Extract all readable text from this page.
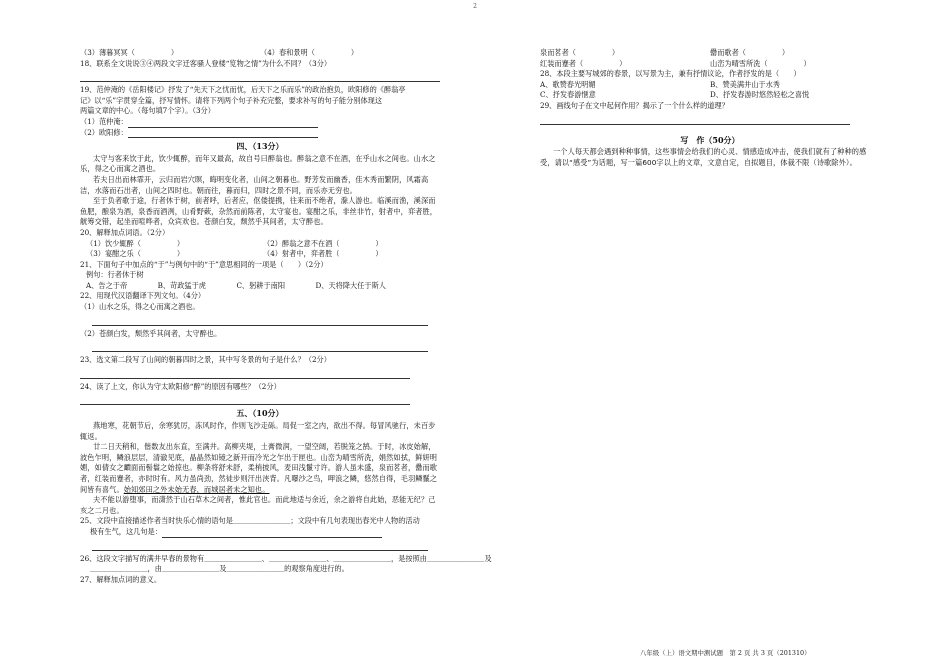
2
（3）薄暮冥冥（　　　　　）	（4）春和景明（　　　　　）
18、联系全文说说③④两段文字迁客骚人登楼“览物之情”为什么不同？（3分）
19、范仲淹的《岳阳楼记》抒发了“先天下之忧而忧，后天下之乐而乐”的政治抱负，欧阳修的《醉翁亭
记》以“乐”字贯穿全篇，抒写情怀。请将下列两个句子补充完整，要求补写的句子能分别体现这
两篇文章的中心。（每句填7个字）。（3分）
（1）范仲淹：
（2）欧阳修：
四、（13分）
太守与客来饮于此，饮少辄醉，而年又最高，故自号曰醉翁也。醉翁之意不在酒，在乎山水之间也。山水之乐，得之心而寓之酒也。
若夫日出而林霏开，云归而岩穴暝，晦明变化者，山间之朝暮也。野芳发而幽香，佳木秀而繁阴，风霜高洁，水落而石出者，山间之四时也。朝而往，暮而归，四时之景不同，而乐亦无穷也。
至于负者歌于途，行者休于树，前者呼，后者应，伛偻提携，往来而不绝者，滁人游也。临溪而渔，溪深而鱼肥，酿泉为酒，泉香而酒洌，山肴野蔌，杂然而前陈者，太守宴也。宴酣之乐，非丝非竹，射者中，弈者胜，觥筹交错，起坐而喧哗者，众宾欢也。苍颜白发，颓然乎其间者，太守醉也。
20、解释加点词语。（2分）
（1）饮少辄醉（　　　　　）	（2）醉翁之意不在酒（　　　　　）
（3）宴酣之乐（　　　　　）	（4）射者中，弈者胜（　　　　　）
21、下面句子中加点的“于”与例句中的“于”意思相同的一项是（　　）（2分）
例句：行者休于树
A、告之于帝	B、苛政猛于虎	C、躬耕于南阳	D、天将降大任于斯人
22、用现代汉语翻译下列文句。（4分）
（1）山水之乐，得之心而寓之酒也。
（2）苍颜白发，颓然乎其间者，太守醉也。
23、选文第二段写了山间的朝暮四时之景，其中写冬景的句子是什么？（2分）
24、读了上文，你认为守太欧阳修“醉”的原因有哪些？（2分）
五、（10分）
燕地寒，花朝节后，余寒犹厉，冻风时作，作则飞沙走砾。局促一室之内，欲出不得。每冒风驰行，未百步辄返。
廿二日天稍和，偕数友出东直，至满井。高柳夹堤，土膏微润，一望空阔，若脱笼之鹄。于时，冰皮始解，波色乍明，鳞浪层层，清澈见底，晶晶然如镜之新开而冷光之乍出于匣也。山峦为晴雪所洗，娟然如拭，鲜妍明媚，如倩女之靧面而髻鬟之始掠也。柳条将舒未舒，柔梢披风，麦田浅鬣寸许。游人虽未盛，泉而茗者，罍而歌者，红装而蹇者，亦时时有。风力虽尚劲，然徒步则汗出浃背。凡曝沙之鸟，呷浪之鳞，悠然自得，毛羽鳞鬣之间皆有喜气。始知郊田之外未始无春，而城居者未之知也。
夫不能以游堕事，而潇然于山石草木之间者，惟此官也。而此地适与余近，余之游将自此始，恶能无纪？己亥之二月也。
25、文段中直接描述作者当时快乐心情的语句是＿＿＿＿＿＿＿＿；文段中有几句表现出春光中人物的活动
极有生气，这几句是：
26、这段文字描写的满井早春的景物有＿＿＿＿＿＿＿＿、＿＿＿＿＿＿＿＿、＿＿＿＿＿＿＿＿，是按照由＿＿＿＿＿＿＿＿及
＿＿＿＿＿＿＿＿，由＿＿＿＿＿＿＿＿及＿＿＿＿＿＿＿＿的观察角度进行的。
27、解释加点词的意义。
泉而茗者（　　　　　）	罍而歌者（　　　　　）
红装而蹇者（　　　　　）	山峦为晴雪所洗（　　　　　）
28、本段主要写城郊的春景，以写景为主，兼有抒情议论，作者抒发的是（　　）
A、歌赞春光明媚	B、赞美满井山于水秀
C、抒发春游惬意	D、抒发春游时悠然轻松之喜悦
29、画线句子在文中起何作用？揭示了一个什么样的道理？
写　作（50分）
一个人每天都会遇到种种事情，这些事情会给我们的心灵、情感造成冲击，使我们就有了种种的感受，请以“感受”为话题，写一篇600字以上的文章，文意自定，自拟题目，体裁不限（诗歌除外）。
八年级（上）语文期中测试题　第 2 页 共 3 页（201310）
